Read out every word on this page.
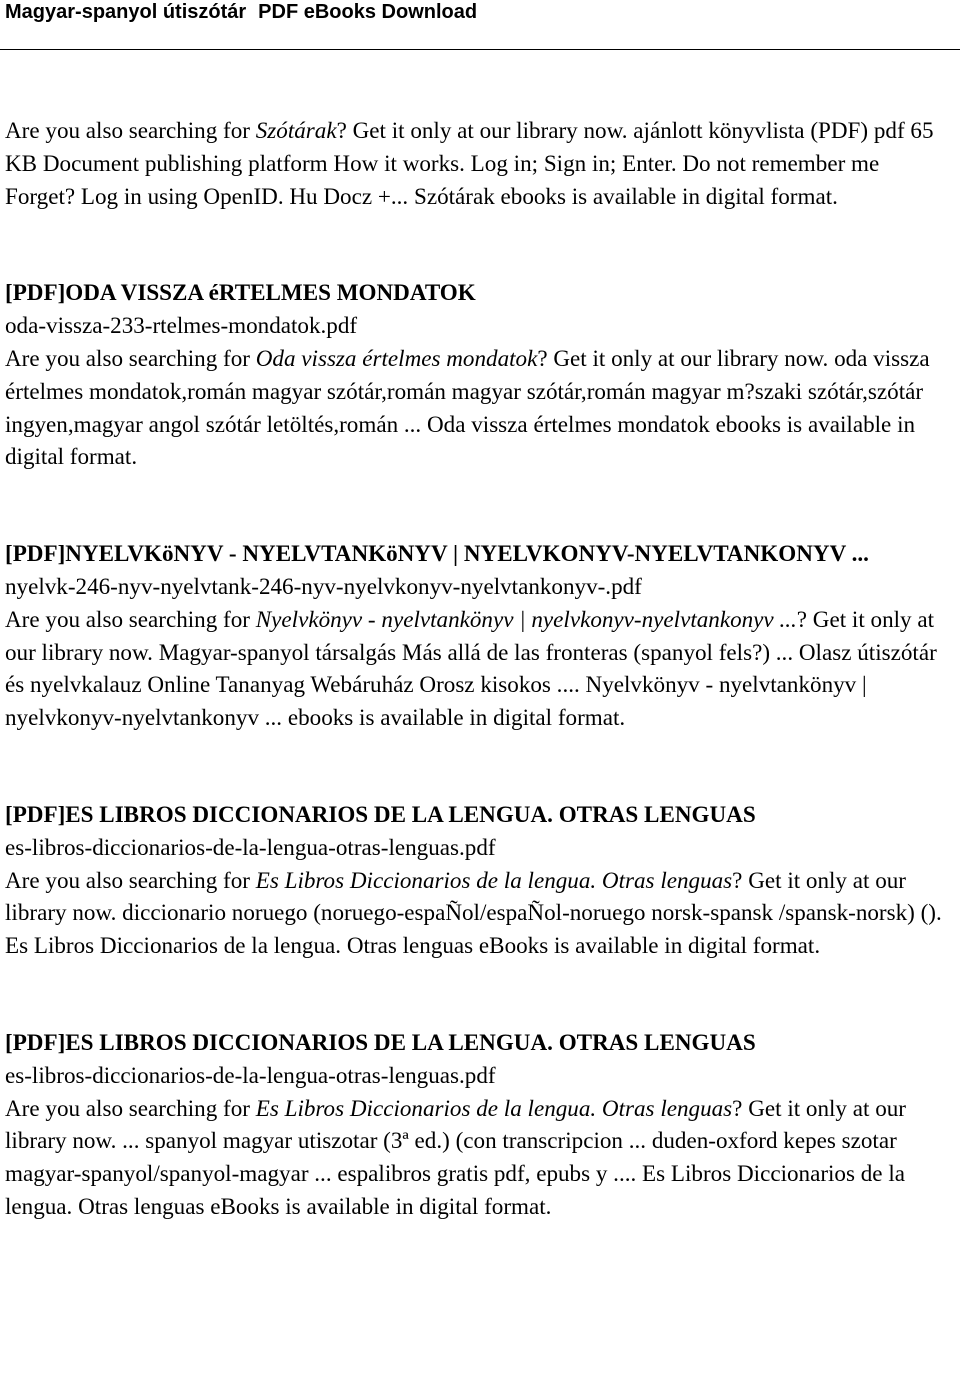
Magyar-spanyol útiszótár PDF eBooks Download

Are you also searching for Szótárak? Get it only at our library now. ajánlott könyvlista (PDF) pdf 65 KB Document publishing platform How it works. Log in; Sign in; Enter. Do not remember me Forget? Log in using OpenID. Hu Docz +... Szótárak ebooks is available in digital format.

[PDF]ODA VISSZA éRTELMES MONDATOK

oda-vissza-233-rtelmes-mondatok.pdf

Are you also searching for Oda vissza értelmes mondatok? Get it only at our library now. oda vissza értelmes mondatok,román magyar szótár,román magyar szótár,román magyar m?szaki szótár,szótár ingyen,magyar angol szótár letöltés,román ... Oda vissza értelmes mondatok ebooks is available in digital format.

[PDF]NYELVKöNYV - NYELVTANKöNYV | NYELVKONYV-NYELVTANKONYV ...

nyelvk-246-nyv-nyelvtank-246-nyv-nyelvkonyv-nyelvtankonyv-.pdf

Are you also searching for Nyelvkönyv - nyelvtankönyv | nyelvkonyv-nyelvtankonyv ...? Get it only at our library now. Magyar-spanyol társalgás Más allá de las fronteras (spanyol fels?) ... Olasz útiszótár és nyelvkalauz Online Tananyag Webáruház Orosz kisokos .... Nyelvkönyv - nyelvtankönyv | nyelvkonyv-nyelvtankonyv ... ebooks is available in digital format.

[PDF]ES LIBROS DICCIONARIOS DE LA LENGUA. OTRAS LENGUAS

es-libros-diccionarios-de-la-lengua-otras-lenguas.pdf

Are you also searching for Es Libros Diccionarios de la lengua. Otras lenguas? Get it only at our library now. diccionario noruego (noruego-espaÑol/espaÑol-noruego norsk-spansk /spansk-norsk) (). Es Libros Diccionarios de la lengua. Otras lenguas eBooks is available in digital format.

[PDF]ES LIBROS DICCIONARIOS DE LA LENGUA. OTRAS LENGUAS

es-libros-diccionarios-de-la-lengua-otras-lenguas.pdf

Are you also searching for Es Libros Diccionarios de la lengua. Otras lenguas? Get it only at our library now. ... spanyol magyar utiszotar (3ª ed.) (con transcripcion ... duden-oxford kepes szotar magyar-spanyol/spanyol-magyar ... espalibros gratis pdf, epubs y .... Es Libros Diccionarios de la lengua. Otras lenguas eBooks is available in digital format.
